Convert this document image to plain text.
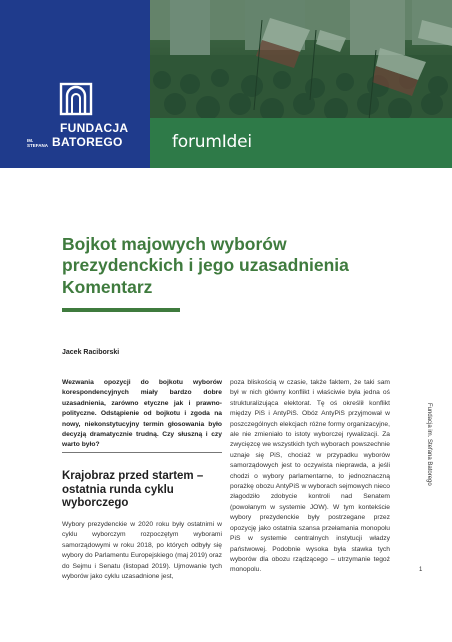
FUNDACJA
IM. STEFANA BATOREGO	forumIdei
Bojkot majowych wyborów prezydenckich i jego uzasadnienia
Komentarz
Jacek Raciborski

Wezwania opozycji do bojkotu wyborów korespondencyjnych miały bardzo dobre uzasadnienia, zarówno etyczne jak i prawno-polityczne. Odstąpienie od bojkotu i zgoda na nowy, niekonstytucyjny termin głosowania było decyzją dramatycznie trudną. Czy słuszną i czy warto było?

Krajobraz przed startem – ostatnia runda cyklu wyborczego

Wybory prezydenckie w 2020 roku były ostatnimi w cyklu wyborczym rozpoczętym wyborami samorządowymi w roku 2018, po których odbyły się wybory do Parlamentu Europejskiego (maj 2019) oraz do Sejmu i Senatu (listopad 2019). Ujmowanie tych wyborów jako cyklu uzasadnione jest,

poza bliskością w czasie, także faktem, że taki sam był w nich główny konflikt i właściwie była jedna oś strukturalizująca elektorat. Tę oś określił konflikt między PiS i AntyPiS. Obóz AntyPiS przyjmował w poszczególnych elekcjach różne formy organizacyjne, ale nie zmieniało to istoty wyborczej rywalizacji. Za zwycięzcę we wszystkich tych wyborach powszechnie uznaje się PiS, chociaż w przypadku wyborów samorządowych jest to oczywista nieprawda, a jeśli chodzi o wybory parlamentarne, to jednoznaczną porażkę obozu AntyPiS w wyborach sejmowych nieco złagodziło zdobycie kontroli nad Senatem (powołanym w systemie JOW). W tym kontekście wybory prezydenckie były postrzegane przez opozycję jako ostatnia szansa przełamania monopolu PiS w systemie centralnych instytucji władzy państwowej. Podobnie wysoka była stawka tych wyborów dla obozu rządzącego – utrzymanie tegoż monopolu.

Fundacja im. Stefana Batorego
1
